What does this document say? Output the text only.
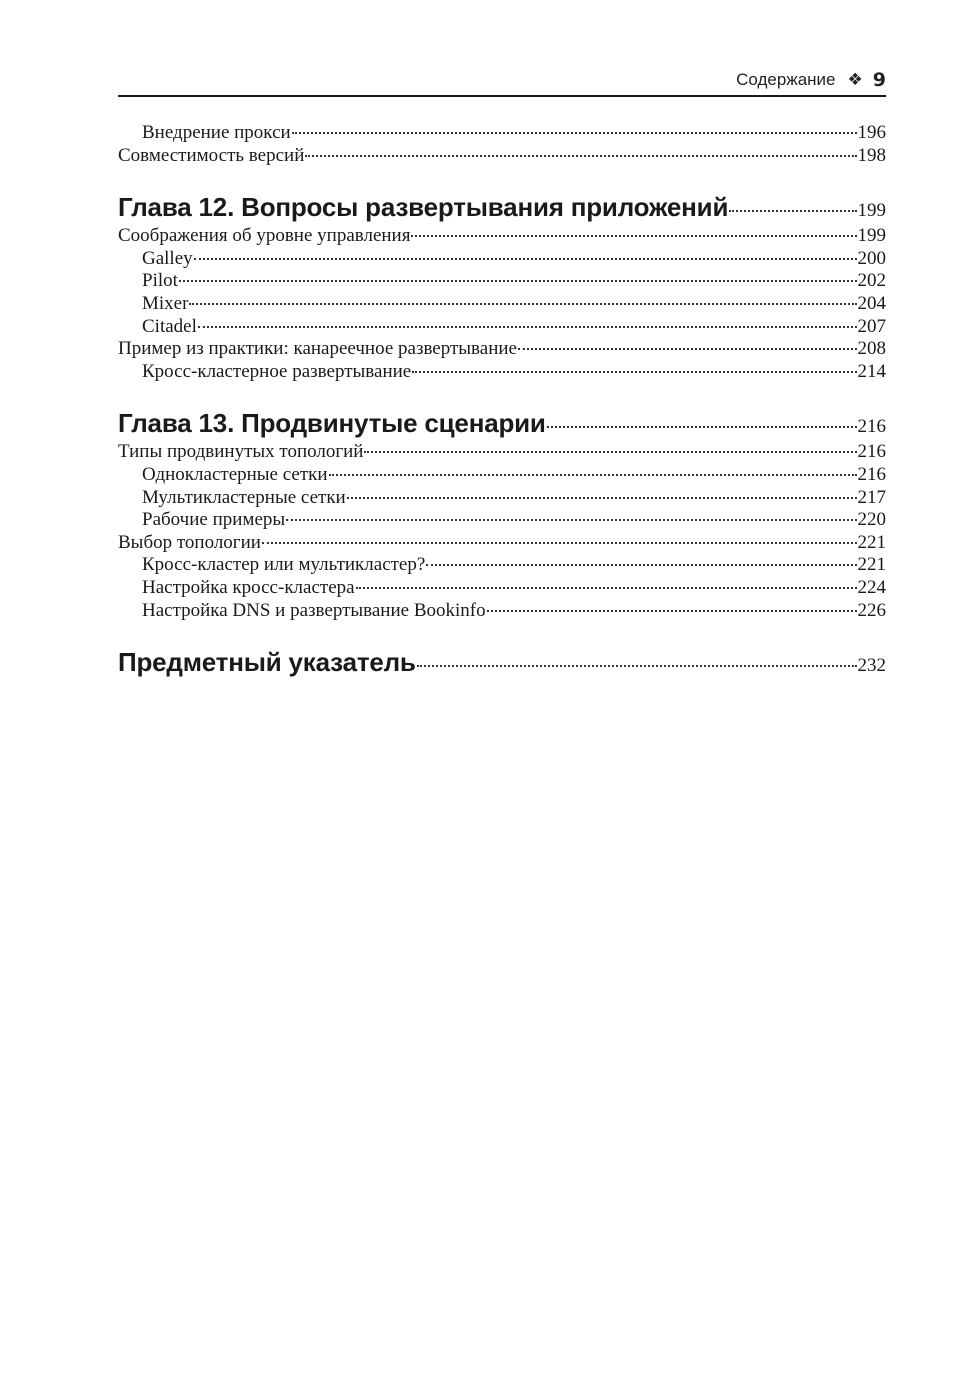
Содержание ❖ 9
Внедрение прокси	196
Совместимость версий	198
Глава 12. Вопросы развертывания приложений	199
Соображения об уровне управления	199
Galley	200
Pilot	202
Mixer	204
Citadel	207
Пример из практики: канареечное развертывание	208
Кросс-кластерное развертывание	214
Глава 13. Продвинутые сценарии	216
Типы продвинутых топологий	216
Однокластерные сетки	216
Мультикластерные сетки	217
Рабочие примеры	220
Выбор топологии	221
Кросс-кластер или мультикластер?	221
Настройка кросс-кластера	224
Настройка DNS и развертывание Bookinfo	226
Предметный указатель	232
